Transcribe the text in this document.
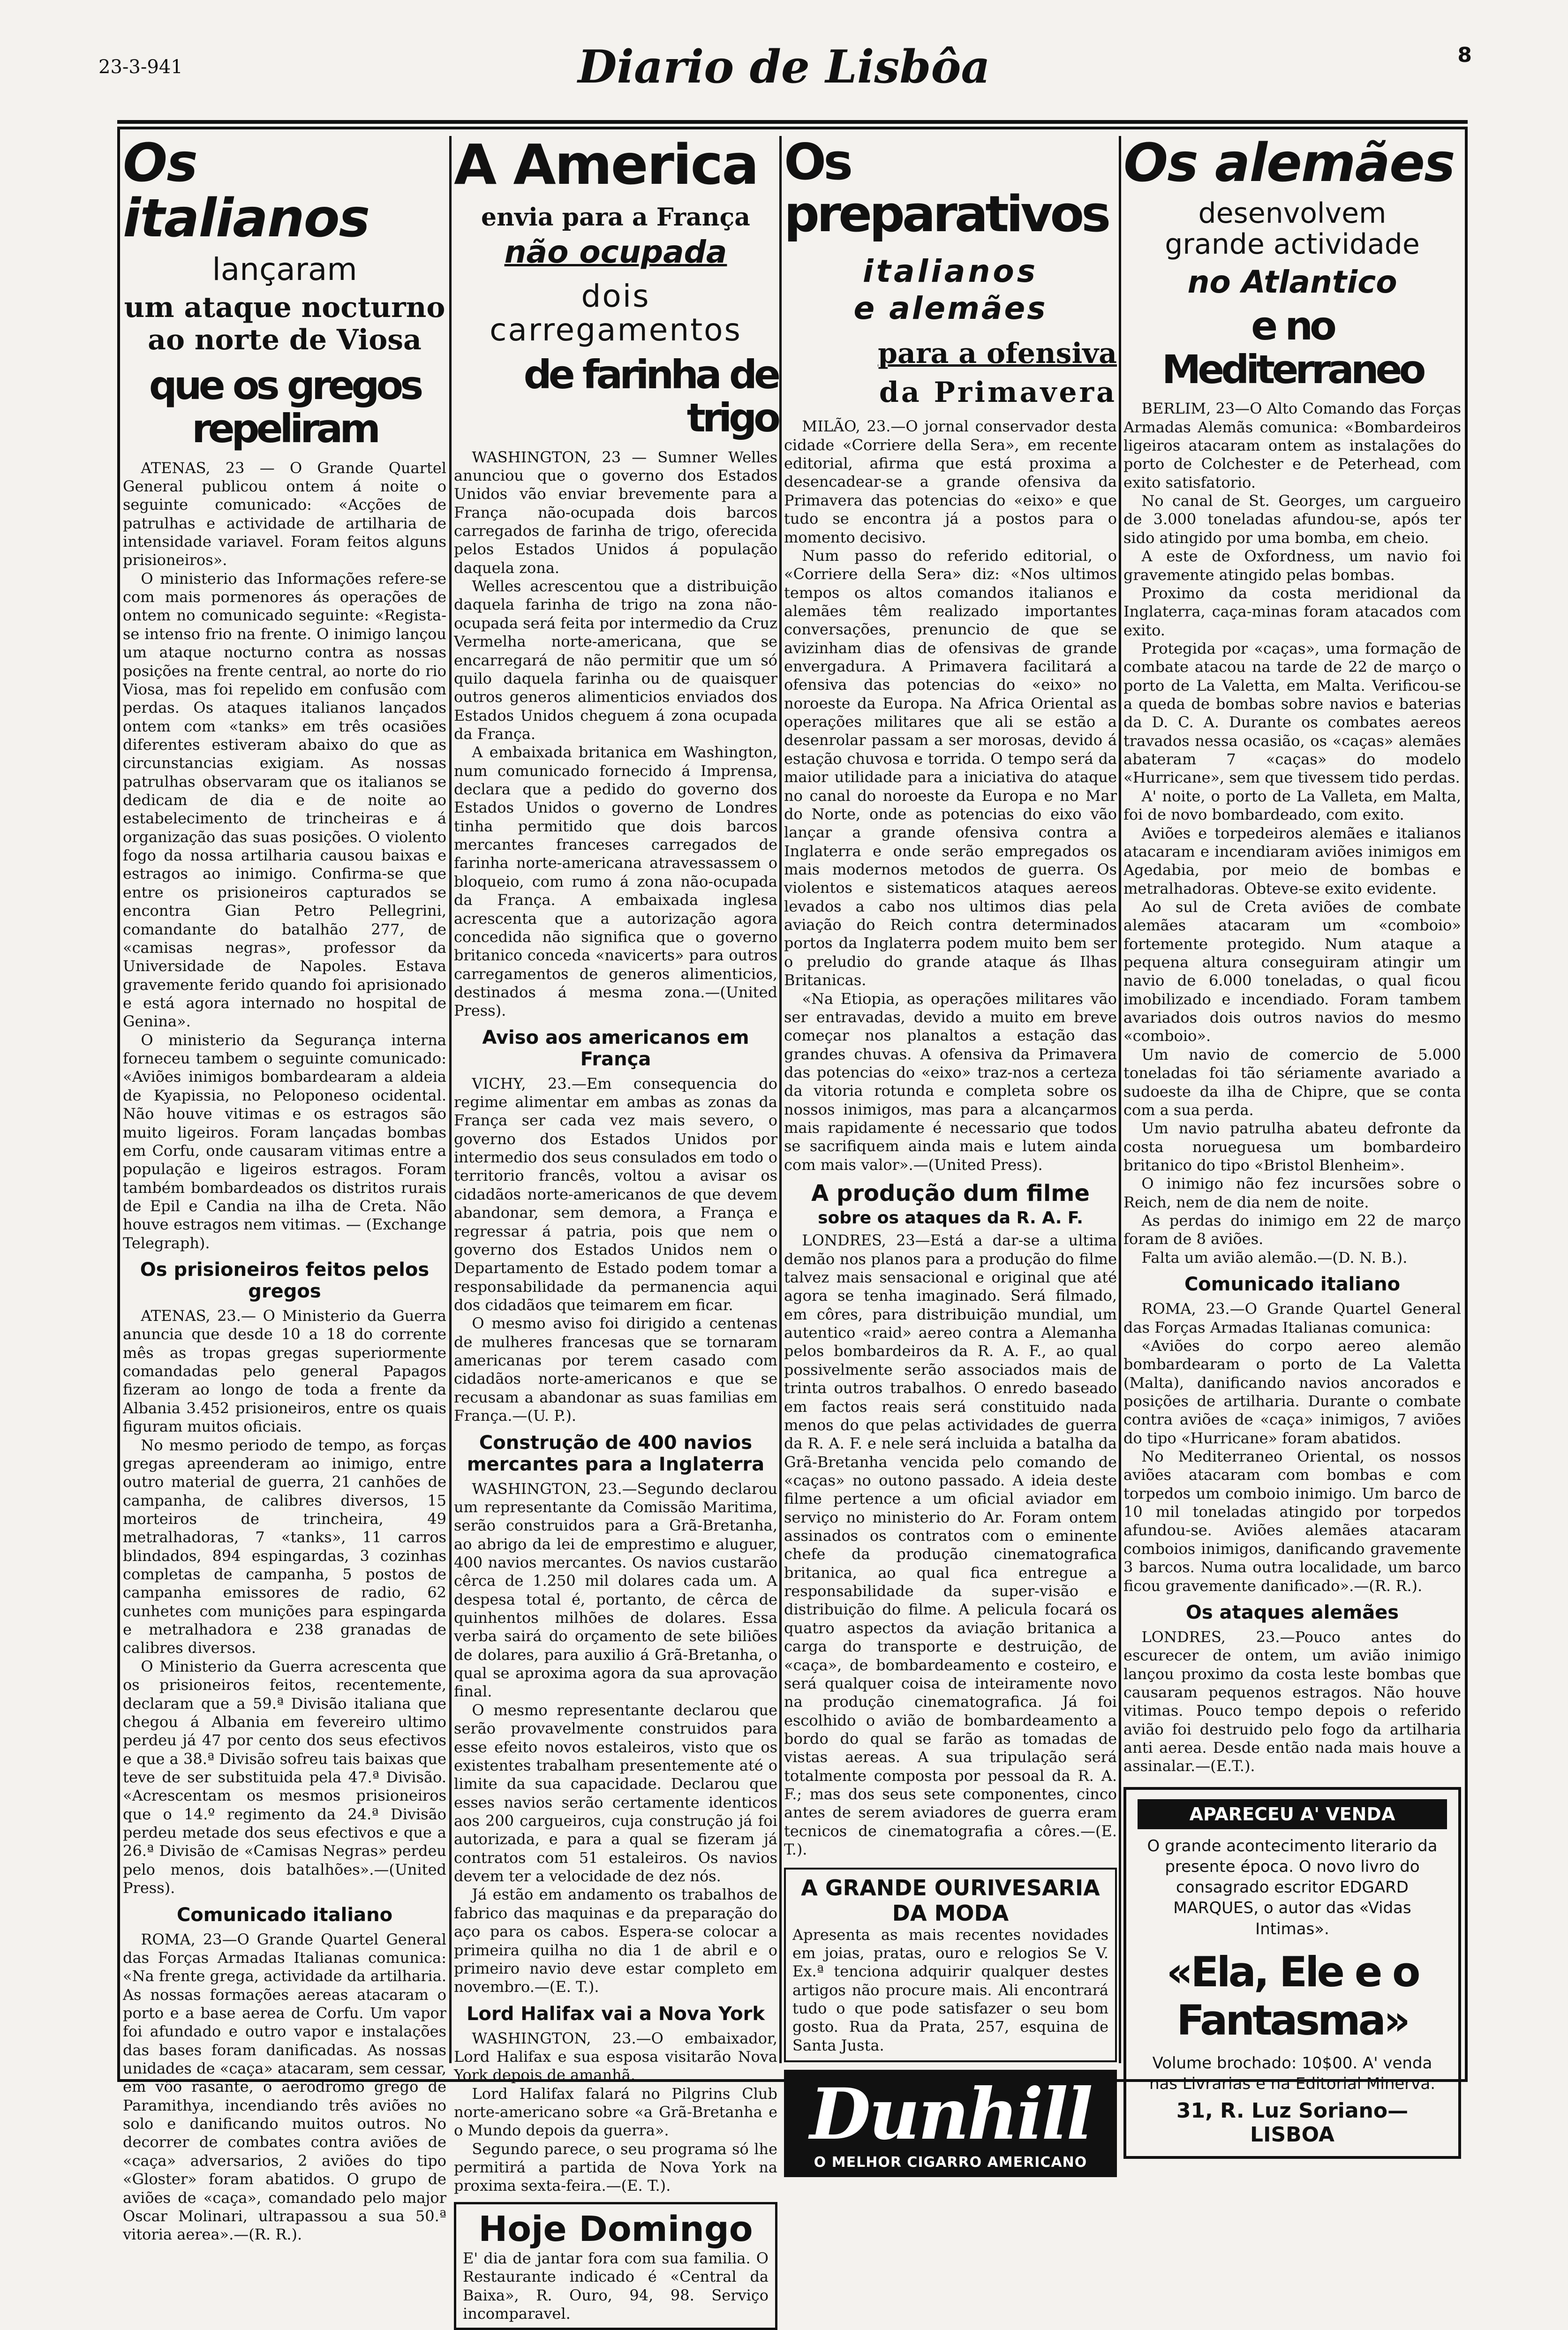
23-3-941	Diario de Lisbôa	8
Os italianos
lançaram
um ataque nocturno
ao norte de Viosa
que os gregos repeliram

ATENAS, 23 — O Grande Quartel General publicou ontem á noite o seguinte comunicado: «Acções de patrulhas e actividade de artilharia de intensidade variavel. Foram feitos alguns prisioneiros».

O ministerio das Informações refere-se com mais pormenores ás operações de ontem no comunicado seguinte: «Regista-se intenso frio na frente. O inimigo lançou um ataque nocturno contra as nossas posições na frente central, ao norte do rio Viosa, mas foi repelido em confusão com perdas. Os ataques italianos lançados ontem com «tanks» em três ocasiões diferentes estiveram abaixo do que as circunstancias exigiam. As nossas patrulhas observaram que os italianos se dedicam de dia e de noite ao estabelecimento de trincheiras e á organização das suas posições. O violento fogo da nossa artilharia causou baixas e estragos ao inimigo. Confirma-se que entre os prisioneiros capturados se encontra Gian Petro Pellegrini, comandante do batalhão 277, de «camisas negras», professor da Universidade de Napoles. Estava gravemente ferido quando foi aprisionado e está agora internado no hospital de Genina».

O ministerio da Segurança interna forneceu tambem o seguinte comunicado: «Aviões inimigos bombardearam a aldeia de Kyapissia, no Peloponeso ocidental. Não houve vitimas e os estragos são muito ligeiros. Foram lançadas bombas em Corfu, onde causaram vitimas entre a população e ligeiros estragos. Foram também bombardeados os distritos rurais de Epil e Candia na ilha de Creta. Não houve estragos nem vitimas. — (Exchange Telegraph).

Os prisioneiros feitos pelos gregos

ATENAS, 23.— O Ministerio da Guerra anuncia que desde 10 a 18 do corrente mês as tropas gregas superiormente comandadas pelo general Papagos fizeram ao longo de toda a frente da Albania 3.452 prisioneiros, entre os quais figuram muitos oficiais.

No mesmo periodo de tempo, as forças gregas apreenderam ao inimigo, entre outro material de guerra, 21 canhões de campanha, de calibres diversos, 15 morteiros de trincheira, 49 metralhadoras, 7 «tanks», 11 carros blindados, 894 espingardas, 3 cozinhas completas de campanha, 5 postos de campanha emissores de radio, 62 cunhetes com munições para espingarda e metralhadora e 238 granadas de calibres diversos.

O Ministerio da Guerra acrescenta que os prisioneiros feitos, recentemente, declaram que a 59.ª Divisão italiana que chegou á Albania em fevereiro ultimo perdeu já 47 por cento dos seus efectivos e que a 38.ª Divisão sofreu tais baixas que teve de ser substituida pela 47.ª Divisão. «Acrescentam os mesmos prisioneiros que o 14.º regimento da 24.ª Divisão perdeu metade dos seus efectivos e que a 26.ª Divisão de «Camisas Negras» perdeu pelo menos, dois batalhões».—(United Press).

Comunicado italiano

ROMA, 23—O Grande Quartel General das Forças Armadas Italianas comunica: «Na frente grega, actividade da artilharia. As nossas formações aereas atacaram o porto e a base aerea de Corfu. Um vapor foi afundado e outro vapor e instalações das bases foram danificadas. As nossas unidades de «caça» atacaram, sem cessar, em vôo rasante, o aerodromo grego de Paramithya, incendiando três aviões no solo e danificando muitos outros. No decorrer de combates contra aviões de «caça» adversarios, 2 aviões do tipo «Gloster» foram abatidos. O grupo de aviões de «caça», comandado pelo major Oscar Molinari, ultrapassou a sua 50.ª vitoria aerea».—(R. R.).

A America
envia para a França
não ocupada
dois carregamentos
de farinha de trigo

WASHINGTON, 23 — Sumner Welles anunciou que o governo dos Estados Unidos vão enviar brevemente para a França não-ocupada dois barcos carregados de farinha de trigo, oferecida pelos Estados Unidos á população daquela zona.

Welles acrescentou que a distribuição daquela farinha de trigo na zona não-ocupada será feita por intermedio da Cruz Vermelha norte-americana, que se encarregará de não permitir que um só quilo daquela farinha ou de quaisquer outros generos alimenticios enviados dos Estados Unidos cheguem á zona ocupada da França.

A embaixada britanica em Washington, num comunicado fornecido á Imprensa, declara que a pedido do governo dos Estados Unidos o governo de Londres tinha permitido que dois barcos mercantes franceses carregados de farinha norte-americana atravessassem o bloqueio, com rumo á zona não-ocupada da França. A embaixada inglesa acrescenta que a autorização agora concedida não significa que o governo britanico conceda «navicerts» para outros carregamentos de generos alimenticios, destinados á mesma zona.—(United Press).

Aviso aos americanos em França

VICHY, 23.—Em consequencia do regime alimentar em ambas as zonas da França ser cada vez mais severo, o governo dos Estados Unidos por intermedio dos seus consulados em todo o territorio francês, voltou a avisar os cidadãos norte-americanos de que devem abandonar, sem demora, a França e regressar á patria, pois que nem o governo dos Estados Unidos nem o Departamento de Estado podem tomar a responsabilidade da permanencia aqui dos cidadãos que teimarem em ficar.

O mesmo aviso foi dirigido a centenas de mulheres francesas que se tornaram americanas por terem casado com cidadãos norte-americanos e que se recusam a abandonar as suas familias em França.—(U. P.).

Construção de 400 navios mercantes para a Inglaterra

WASHINGTON, 23.—Segundo declarou um representante da Comissão Maritima, serão construidos para a Grã-Bretanha, ao abrigo da lei de emprestimo e aluguer, 400 navios mercantes. Os navios custarão cêrca de 1.250 mil dolares cada um. A despesa total é, portanto, de cêrca de quinhentos milhões de dolares. Essa verba sairá do orçamento de sete biliões de dolares, para auxilio á Grã-Bretanha, o qual se aproxima agora da sua aprovação final.

O mesmo representante declarou que serão provavelmente construidos para esse efeito novos estaleiros, visto que os existentes trabalham presentemente até o limite da sua capacidade. Declarou que esses navios serão certamente identicos aos 200 cargueiros, cuja construção já foi autorizada, e para a qual se fizeram já contratos com 51 estaleiros. Os navios devem ter a velocidade de dez nós.

Já estão em andamento os trabalhos de fabrico das maquinas e da preparação do aço para os cabos. Espera-se colocar a primeira quilha no dia 1 de abril e o primeiro navio deve estar completo em novembro.—(E. T.).

Lord Halifax vai a Nova York

WASHINGTON, 23.—O embaixador, Lord Halifax e sua esposa visitarão Nova York depois de amanhã.

Lord Halifax falará no Pilgrins Club norte-americano sobre «a Grã-Bretanha e o Mundo depois da guerra».

Segundo parece, o seu programa só lhe permitirá a partida de Nova York na proxima sexta-feira.—(E. T.).

Hoje Domingo
E' dia de jantar fora com sua familia. O Restaurante indicado é «Central da Baixa», R. Ouro, 94, 98. Serviço incomparavel.
Os preparativos
italianos
e alemães
para a ofensiva
da Primavera

MILÃO, 23.—O jornal conservador desta cidade «Corriere della Sera», em recente editorial, afirma que está proxima a desencadear-se a grande ofensiva da Primavera das potencias do «eixo» e que tudo se encontra já a postos para o momento decisivo.

Num passo do referido editorial, o «Corriere della Sera» diz: «Nos ultimos tempos os altos comandos italianos e alemães têm realizado importantes conversações, prenuncio de que se avizinham dias de ofensivas de grande envergadura. A Primavera facilitará a ofensiva das potencias do «eixo» no noroeste da Europa. Na Africa Oriental as operações militares que ali se estão a desenrolar passam a ser morosas, devido á estação chuvosa e torrida. O tempo será da maior utilidade para a iniciativa do ataque no canal do noroeste da Europa e no Mar do Norte, onde as potencias do eixo vão lançar a grande ofensiva contra a Inglaterra e onde serão empregados os mais modernos metodos de guerra. Os violentos e sistematicos ataques aereos levados a cabo nos ultimos dias pela aviação do Reich contra determinados portos da Inglaterra podem muito bem ser o preludio do grande ataque ás Ilhas Britanicas.

«Na Etiopia, as operações militares vão ser entravadas, devido a muito em breve começar nos planaltos a estação das grandes chuvas. A ofensiva da Primavera das potencias do «eixo» traz-nos a certeza da vitoria rotunda e completa sobre os nossos inimigos, mas para a alcançarmos mais rapidamente é necessario que todos se sacrifiquem ainda mais e lutem ainda com mais valor».—(United Press).

A produção dum filme
sobre os ataques da R. A. F.

LONDRES, 23—Está a dar-se a ultima demão nos planos para a produção do filme talvez mais sensacional e original que até agora se tenha imaginado. Será filmado, em côres, para distribuição mundial, um autentico «raid» aereo contra a Alemanha pelos bombardeiros da R. A. F., ao qual possivelmente serão associados mais de trinta outros trabalhos. O enredo baseado em factos reais será constituido nada menos do que pelas actividades de guerra da R. A. F. e nele será incluida a batalha da Grã-Bretanha vencida pelo comando de «caças» no outono passado. A ideia deste filme pertence a um oficial aviador em serviço no ministerio do Ar. Foram ontem assinados os contratos com o eminente chefe da produção cinematografica britanica, ao qual fica entregue a responsabilidade da super-visão e distribuição do filme. A pelicula focará os quatro aspectos da aviação britanica a carga do transporte e destruição, de «caça», de bombardeamento e costeiro, e será qualquer coisa de inteiramente novo na produção cinematografica. Já foi escolhido o avião de bombardeamento a bordo do qual se farão as tomadas de vistas aereas. A sua tripulação será totalmente composta por pessoal da R. A. F.; mas dos seus sete componentes, cinco antes de serem aviadores de guerra eram tecnicos de cinematografia a côres.—(E. T.).

A GRANDE OURIVESARIA DA MODA
Apresenta as mais recentes novidades em joias, pratas, ouro e relogios Se V. Ex.ª tenciona adquirir qualquer destes artigos não procure mais. Ali encontrará tudo o que pode satisfazer o seu bom gosto. Rua da Prata, 257, esquina de Santa Justa.
Dunhill
O MELHOR CIGARRO AMERICANO
Os alemães
desenvolvem
grande actividade
no Atlantico
e no Mediterraneo

BERLIM, 23—O Alto Comando das Forças Armadas Alemãs comunica: «Bombardeiros ligeiros atacaram ontem as instalações do porto de Colchester e de Peterhead, com exito satisfatorio.

No canal de St. Georges, um cargueiro de 3.000 toneladas afundou-se, após ter sido atingido por uma bomba, em cheio.

A este de Oxfordness, um navio foi gravemente atingido pelas bombas.

Proximo da costa meridional da Inglaterra, caça-minas foram atacados com exito.

Protegida por «caças», uma formação de combate atacou na tarde de 22 de março o porto de La Valetta, em Malta. Verificou-se a queda de bombas sobre navios e baterias da D. C. A. Durante os combates aereos travados nessa ocasião, os «caças» alemães abateram 7 «caças» do modelo «Hurricane», sem que tivessem tido perdas.

A' noite, o porto de La Valleta, em Malta, foi de novo bombardeado, com exito.

Aviões e torpedeiros alemães e italianos atacaram e incendiaram aviões inimigos em Agedabia, por meio de bombas e metralhadoras. Obteve-se exito evidente.

Ao sul de Creta aviões de combate alemães atacaram um «comboio» fortemente protegido. Num ataque a pequena altura conseguiram atingir um navio de 6.000 toneladas, o qual ficou imobilizado e incendiado. Foram tambem avariados dois outros navios do mesmo «comboio».

Um navio de comercio de 5.000 toneladas foi tão sériamente avariado a sudoeste da ilha de Chipre, que se conta com a sua perda.

Um navio patrulha abateu defronte da costa norueguesa um bombardeiro britanico do tipo «Bristol Blenheim».

O inimigo não fez incursões sobre o Reich, nem de dia nem de noite.

As perdas do inimigo em 22 de março foram de 8 aviões.

Falta um avião alemão.—(D. N. B.).

Comunicado italiano

ROMA, 23.—O Grande Quartel General das Forças Armadas Italianas comunica:

«Aviões do corpo aereo alemão bombardearam o porto de La Valetta (Malta), danificando navios ancorados e posições de artilharia. Durante o combate contra aviões de «caça» inimigos, 7 aviões do tipo «Hurricane» foram abatidos.

No Mediterraneo Oriental, os nossos aviões atacaram com bombas e com torpedos um comboio inimigo. Um barco de 10 mil toneladas atingido por torpedos afundou-se. Aviões alemães atacaram comboios inimigos, danificando gravemente 3 barcos. Numa outra localidade, um barco ficou gravemente danificado».—(R. R.).

Os ataques alemães

LONDRES, 23.—Pouco antes do escurecer de ontem, um avião inimigo lançou proximo da costa leste bombas que causaram pequenos estragos. Não houve vitimas. Pouco tempo depois o referido avião foi destruido pelo fogo da artilharia anti aerea. Desde então nada mais houve a assinalar.—(E.T.).

APARECEU A' VENDA
O grande acontecimento literario da presente época. O novo livro do consagrado escritor EDGARD MARQUES, o autor das «Vidas Intimas».
«Ela, Ele e o Fantasma»
Volume brochado: 10$00. A' venda nas Livrarias e na Editorial Minerva.
31, R. Luz Soriano—LISBOA
